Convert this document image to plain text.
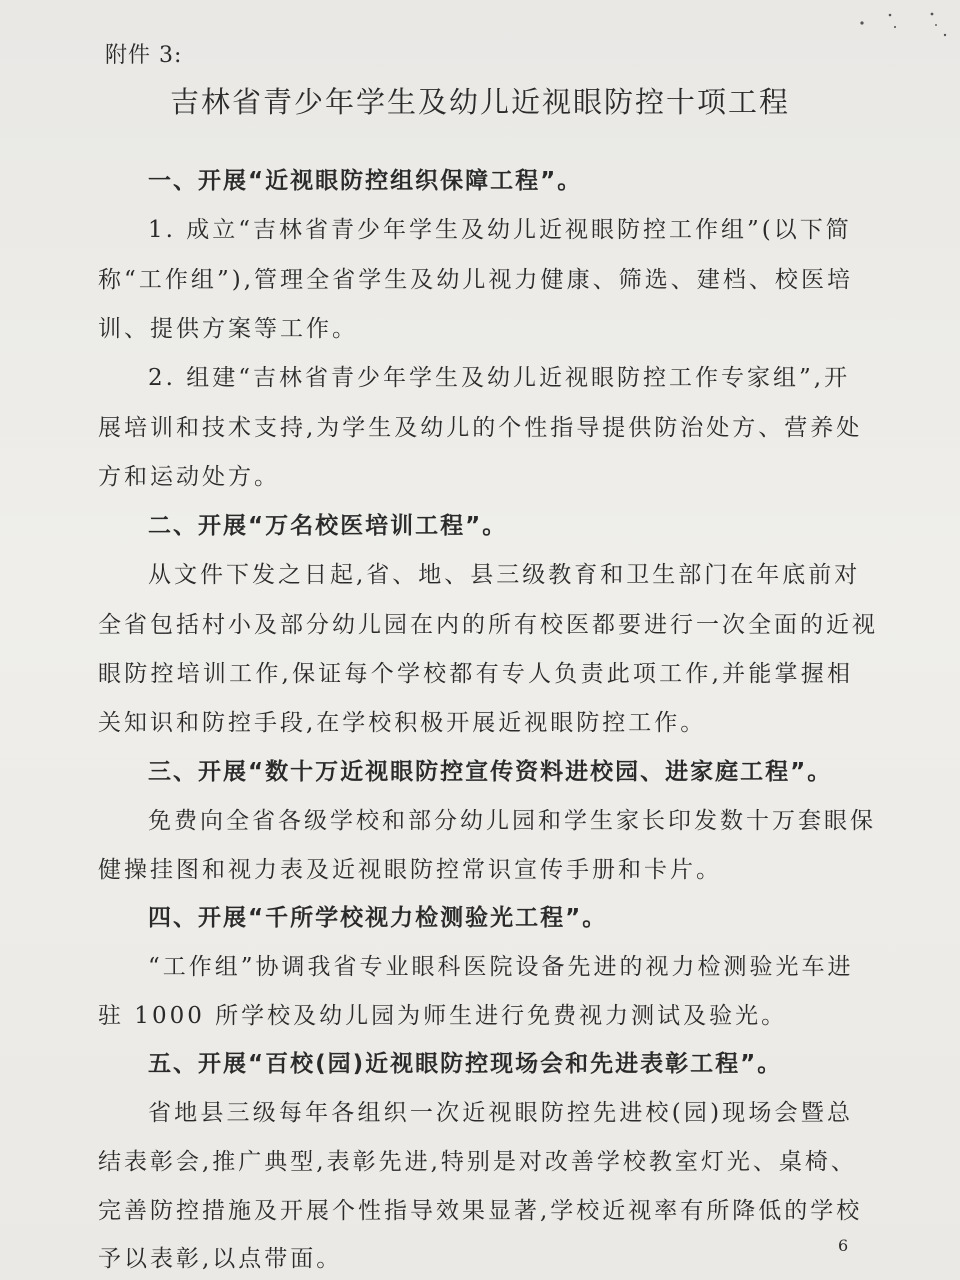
附件 3:
吉林省青少年学生及幼儿近视眼防控十项工程
一、开展“近视眼防控组织保障工程”。
1. 成立“吉林省青少年学生及幼儿近视眼防控工作组”(以下简
称“工作组”),管理全省学生及幼儿视力健康、筛选、建档、校医培
训、提供方案等工作。
2. 组建“吉林省青少年学生及幼儿近视眼防控工作专家组”,开
展培训和技术支持,为学生及幼儿的个性指导提供防治处方、营养处
方和运动处方。
二、开展“万名校医培训工程”。
从文件下发之日起,省、地、县三级教育和卫生部门在年底前对
全省包括村小及部分幼儿园在内的所有校医都要进行一次全面的近视
眼防控培训工作,保证每个学校都有专人负责此项工作,并能掌握相
关知识和防控手段,在学校积极开展近视眼防控工作。
三、开展“数十万近视眼防控宣传资料进校园、进家庭工程”。
免费向全省各级学校和部分幼儿园和学生家长印发数十万套眼保
健操挂图和视力表及近视眼防控常识宣传手册和卡片。
四、开展“千所学校视力检测验光工程”。
“工作组”协调我省专业眼科医院设备先进的视力检测验光车进
驻 1000 所学校及幼儿园为师生进行免费视力测试及验光。
五、开展“百校(园)近视眼防控现场会和先进表彰工程”。
省地县三级每年各组织一次近视眼防控先进校(园)现场会暨总
结表彰会,推广典型,表彰先进,特别是对改善学校教室灯光、桌椅、
完善防控措施及开展个性指导效果显著,学校近视率有所降低的学校
予以表彰,以点带面。
6
